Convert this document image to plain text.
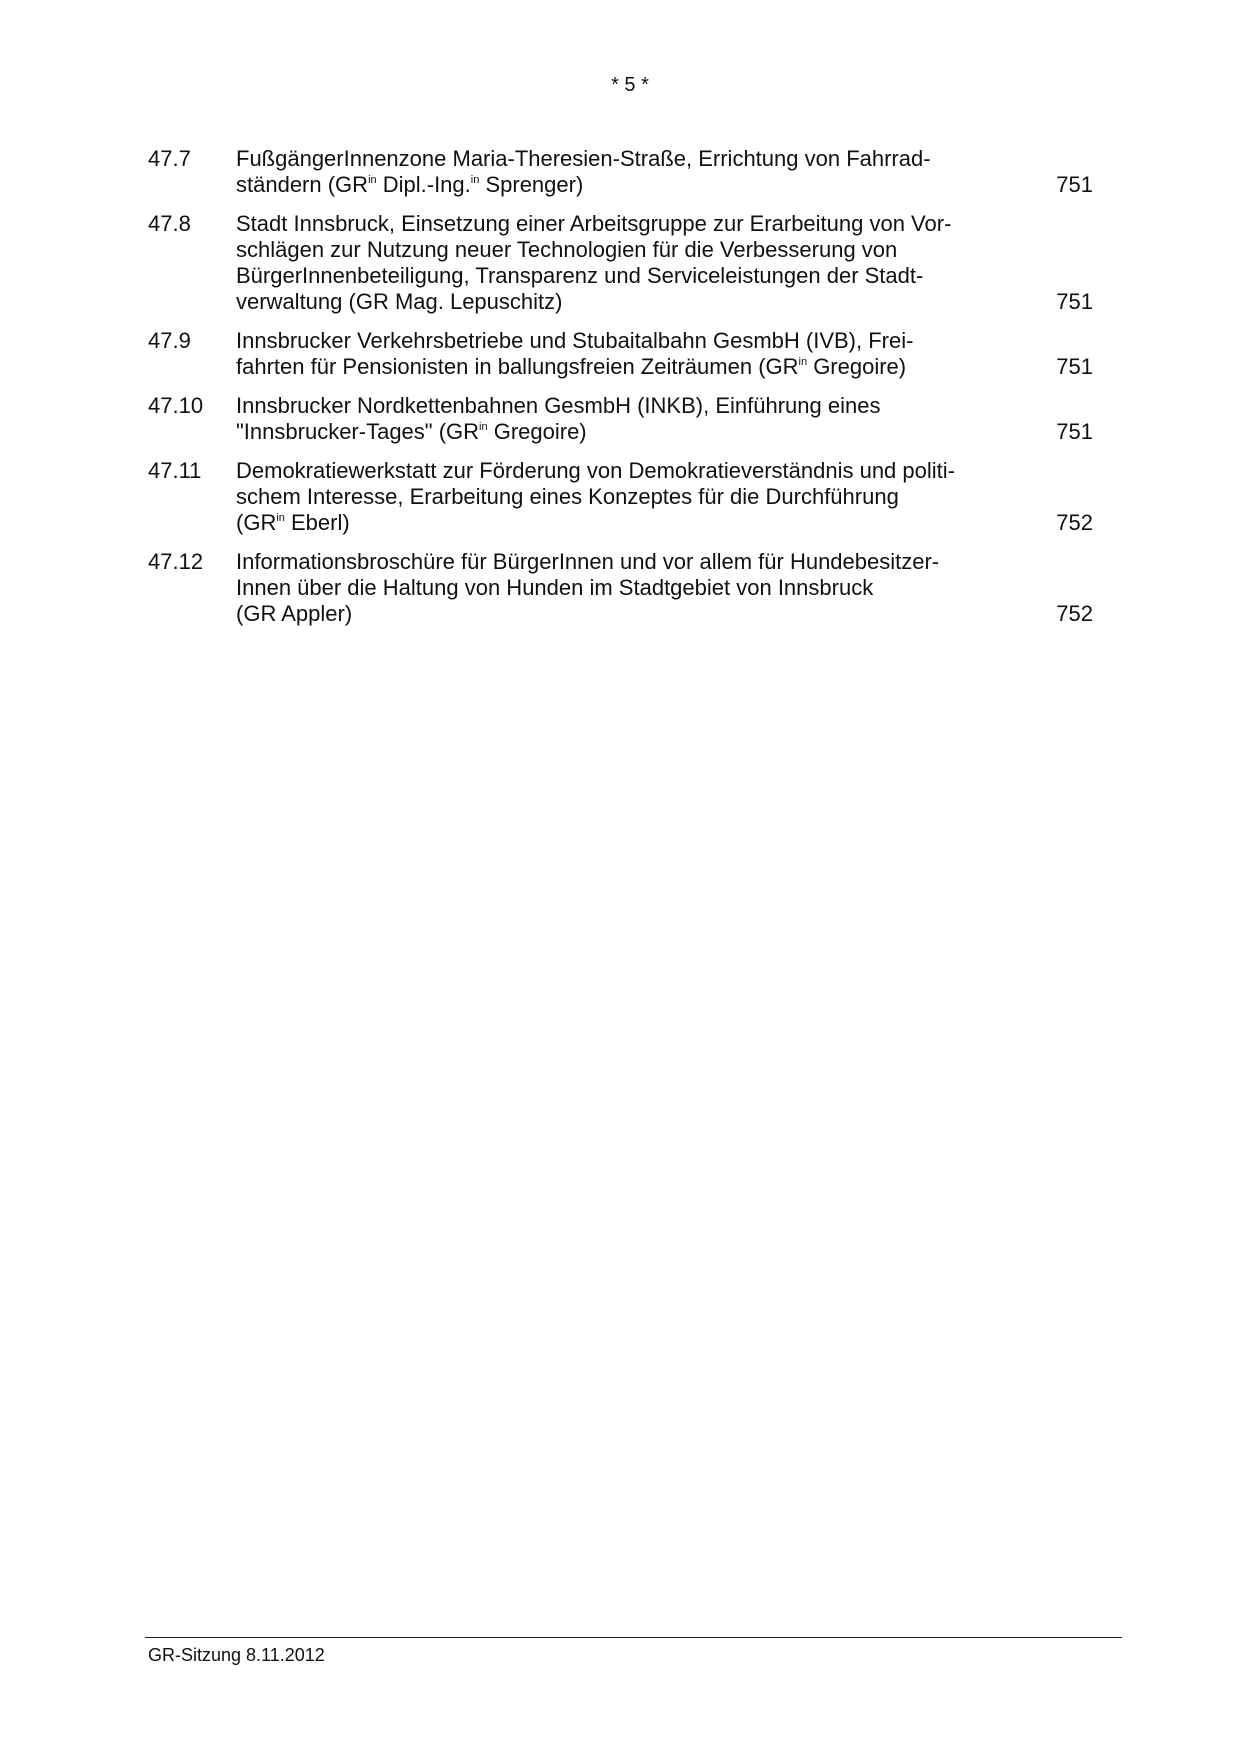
* 5 *
47.7	FußgängerInnenzone Maria-Theresien-Straße, Errichtung von Fahrrad-
ständern ($GR^{in}$ Dipl.-Ing.$^{in}$ Sprenger)	751
47.8	Stadt Innsbruck, Einsetzung einer Arbeitsgruppe zur Erarbeitung von Vor-
schlägen zur Nutzung neuer Technologien für die Verbesserung von
BürgerInnenbeteiligung, Transparenz und Serviceleistungen der Stadt-
verwaltung (GR Mag. Lepuschitz)	751
47.9	Innsbrucker Verkehrsbetriebe und Stubaitalbahn GesmbH (IVB), Frei-
fahrten für Pensionisten in ballungsfreien Zeiträumen ($GR^{in}$ Gregoire)	751
47.10	Innsbrucker Nordkettenbahnen GesmbH (INKB), Einführung eines
"Innsbrucker-Tages" ($GR^{in}$ Gregoire)	751
47.11	Demokratiewerkstatt zur Förderung von Demokratieverständnis und politi-
schem Interesse, Erarbeitung eines Konzeptes für die Durchführung
($GR^{in}$ Eberl)	752
47.12	Informationsbroschüre für BürgerInnen und vor allem für Hundebesitzer-
Innen über die Haltung von Hunden im Stadtgebiet von Innsbruck
(GR Appler)	752
GR-Sitzung 8.11.2012
